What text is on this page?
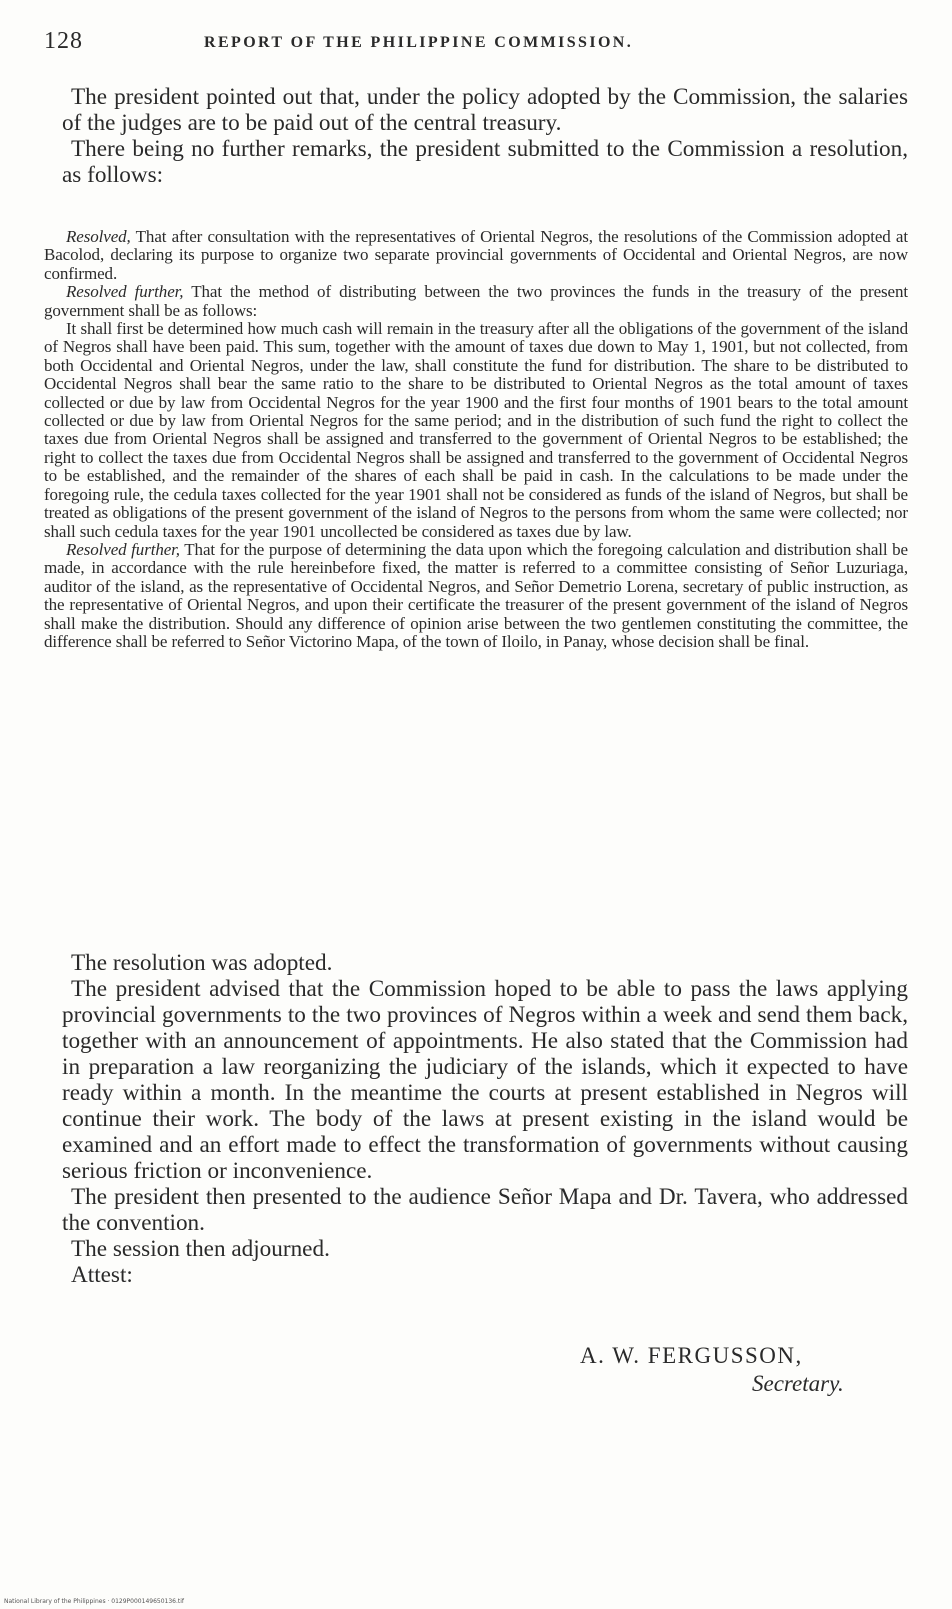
128	REPORT OF THE PHILIPPINE COMMISSION.

The president pointed out that, under the policy adopted by the Commission, the salaries of the judges are to be paid out of the central treasury.

There being no further remarks, the president submitted to the Commission a resolution, as follows:

Resolved, That after consultation with the representatives of Oriental Negros, the resolutions of the Commission adopted at Bacolod, declaring its purpose to organize two separate provincial governments of Occidental and Oriental Negros, are now confirmed.

Resolved further, That the method of distributing between the two provinces the funds in the treasury of the present government shall be as follows:

It shall first be determined how much cash will remain in the treasury after all the obligations of the government of the island of Negros shall have been paid. This sum, together with the amount of taxes due down to May 1, 1901, but not collected, from both Occidental and Oriental Negros, under the law, shall constitute the fund for distribution. The share to be distributed to Occidental Negros shall bear the same ratio to the share to be distributed to Oriental Negros as the total amount of taxes collected or due by law from Occidental Negros for the year 1900 and the first four months of 1901 bears to the total amount collected or due by law from Oriental Negros for the same period; and in the distribution of such fund the right to collect the taxes due from Oriental Negros shall be assigned and transferred to the government of Oriental Negros to be established; the right to collect the taxes due from Occidental Negros shall be assigned and transferred to the government of Occidental Negros to be established, and the remainder of the shares of each shall be paid in cash. In the calculations to be made under the foregoing rule, the cedula taxes collected for the year 1901 shall not be considered as funds of the island of Negros, but shall be treated as obligations of the present government of the island of Negros to the persons from whom the same were collected; nor shall such cedula taxes for the year 1901 uncollected be considered as taxes due by law.

Resolved further, That for the purpose of determining the data upon which the foregoing calculation and distribution shall be made, in accordance with the rule hereinbefore fixed, the matter is referred to a committee consisting of Señor Luzuriaga, auditor of the island, as the representative of Occidental Negros, and Señor Demetrio Lorena, secretary of public instruction, as the representative of Oriental Negros, and upon their certificate the treasurer of the present government of the island of Negros shall make the distribution. Should any difference of opinion arise between the two gentlemen constituting the committee, the difference shall be referred to Señor Victorino Mapa, of the town of Iloilo, in Panay, whose decision shall be final.

The resolution was adopted.

The president advised that the Commission hoped to be able to pass the laws applying provincial governments to the two provinces of Negros within a week and send them back, together with an announcement of appointments. He also stated that the Commission had in preparation a law reorganizing the judiciary of the islands, which it expected to have ready within a month. In the meantime the courts at present established in Negros will continue their work. The body of the laws at present existing in the island would be examined and an effort made to effect the transformation of governments without causing serious friction or inconvenience.

The president then presented to the audience Señor Mapa and Dr. Tavera, who addressed the convention.

The session then adjourned.

Attest:

A. W. FERGUSSON,
Secretary.
National Library of the Philippines · 0129P000149650136.tif
